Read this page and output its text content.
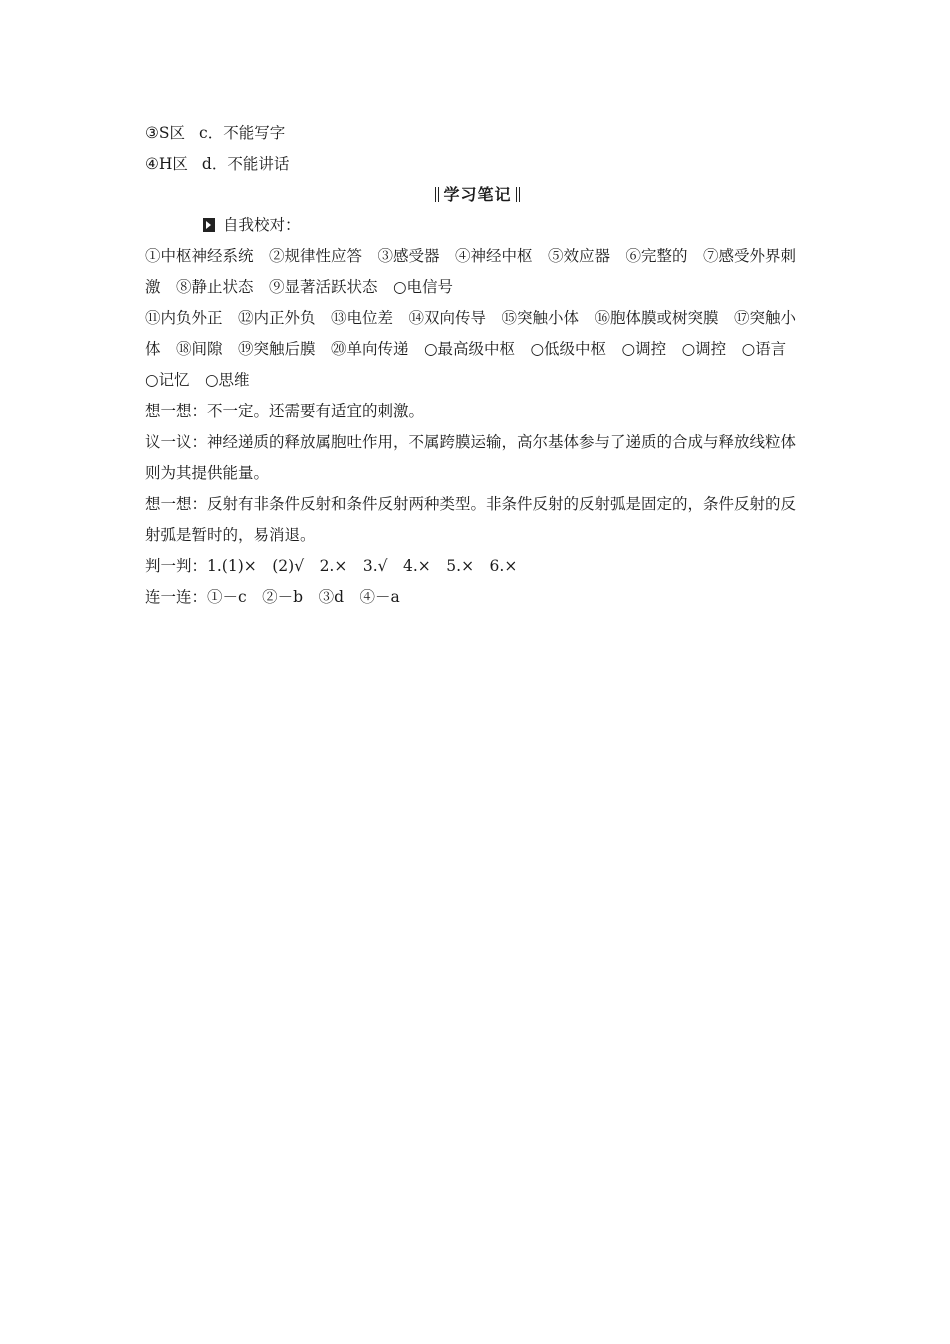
③S区 c．不能写字
④H区 d．不能讲话
学习笔记
自我校对：
①中枢神经系统　②规律性应答　③感受器　④神经中枢　⑤效应器　⑥完整的　⑦感受外界刺激　⑧静止状态　⑨显著活跃状态　○电信号
⑪内负外正　⑫内正外负　⑬电位差　⑭双向传导　⑮突触小体　⑯胞体膜或树突膜　⑰突触小体　⑱间隙　⑲突触后膜　⑳单向传递　○最高级中枢　○低级中枢　○调控　○调控　○语言　○记忆　○思维
想一想：不一定。还需要有适宜的刺激。
议一议：神经递质的释放属胞吐作用，不属跨膜运输，高尔基体参与了递质的合成与释放线粒体则为其提供能量。
想一想：反射有非条件反射和条件反射两种类型。非条件反射的反射弧是固定的，条件反射的反射弧是暂时的，易消退。
判一判：1.(1)×　(2)√　2.×　3.√　4.×　5.×　6.×
连一连：①－c　②－b　③d　④－a
